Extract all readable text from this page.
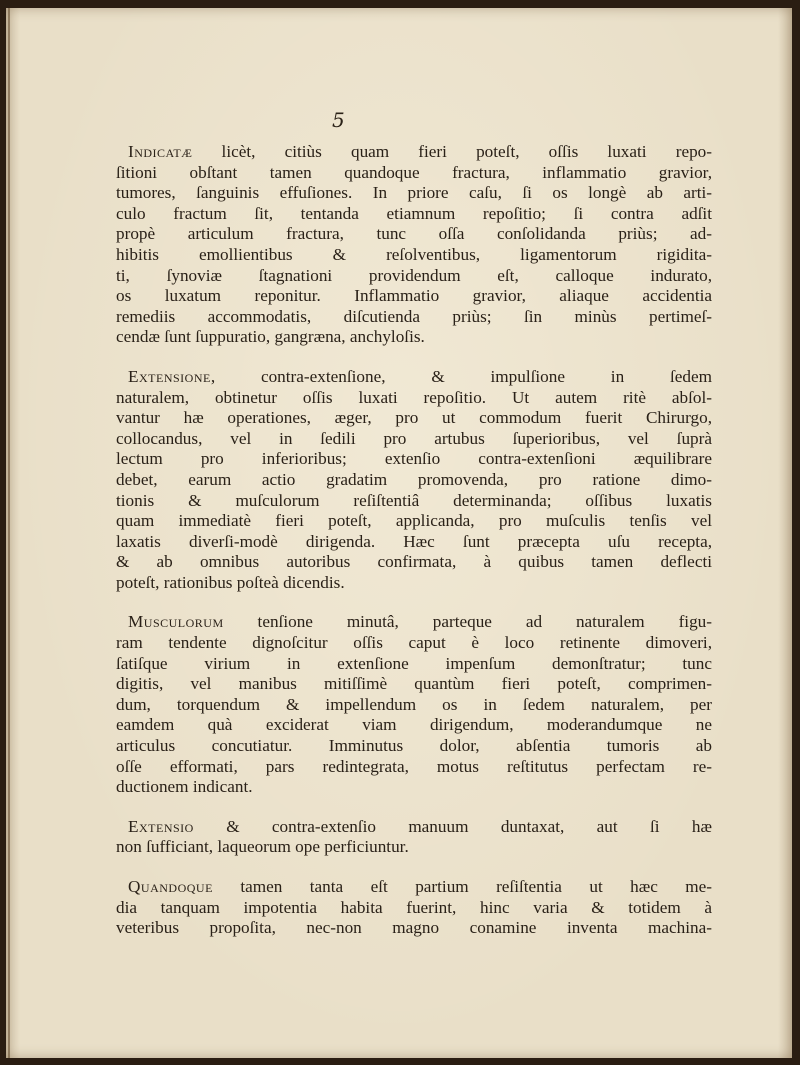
5

Indicatæ licèt, citiùs quam fieri poteſt, oſſis luxati repo-
ſitioni obſtant tamen quandoque fractura, inflammatio gravior,
tumores, ſanguinis effuſiones. In priore caſu, ſi os longè ab arti-
culo fractum ſit, tentanda etiamnum repoſitio; ſi contra adſit
propè articulum fractura, tunc oſſa conſolidanda priùs; ad-
hibitis emollientibus & reſolventibus, ligamentorum rigidita-
ti, ſynoviæ ſtagnationi providendum eſt, calloque indurato,
os luxatum reponitur. Inflammatio gravior, aliaque accidentia
remediis accommodatis, diſcutienda priùs; ſin minùs pertimeſ-
cendæ ſunt ſuppuratio, gangræna, anchyloſis.

Extensione, contra-extenſione, & impulſione in ſedem
naturalem, obtinetur oſſis luxati repoſitio. Ut autem ritè abſol-
vantur hæ operationes, æger, pro ut commodum fuerit Chirurgo,
collocandus, vel in ſedili pro artubus ſuperioribus, vel ſuprà
lectum pro inferioribus; extenſio contra-extenſioni æquilibrare
debet, earum actio gradatim promovenda, pro ratione dimo-
tionis & muſculorum reſiſtentiâ determinanda; oſſibus luxatis
quam immediatè fieri poteſt, applicanda, pro muſculis tenſis vel
laxatis diverſi-modè dirigenda. Hæc ſunt præcepta uſu recepta,
& ab omnibus autoribus confirmata, à quibus tamen deflecti
poteſt, rationibus poſteà dicendis.

Musculorum tenſione minutâ, parteque ad naturalem figu-
ram tendente dignoſcitur oſſis caput è loco retinente dimoveri,
ſatiſque virium in extenſione impenſum demonſtratur; tunc
digitis, vel manibus mitiſſimè quantùm fieri poteſt, comprimen-
dum, torquendum & impellendum os in ſedem naturalem, per
eamdem quà exciderat viam dirigendum, moderandumque ne
articulus concutiatur. Imminutus dolor, abſentia tumoris ab
oſſe efformati, pars redintegrata, motus reſtitutus perfectam re-
ductionem indicant.

Extensio & contra-extenſio manuum duntaxat, aut ſi hæ
non ſufficiant, laqueorum ope perficiuntur.

Quandoque tamen tanta eſt partium reſiſtentia ut hæc me-
dia tanquam impotentia habita fuerint, hinc varia & totidem à
veteribus propoſita, nec-non magno conamine inventa machina-
